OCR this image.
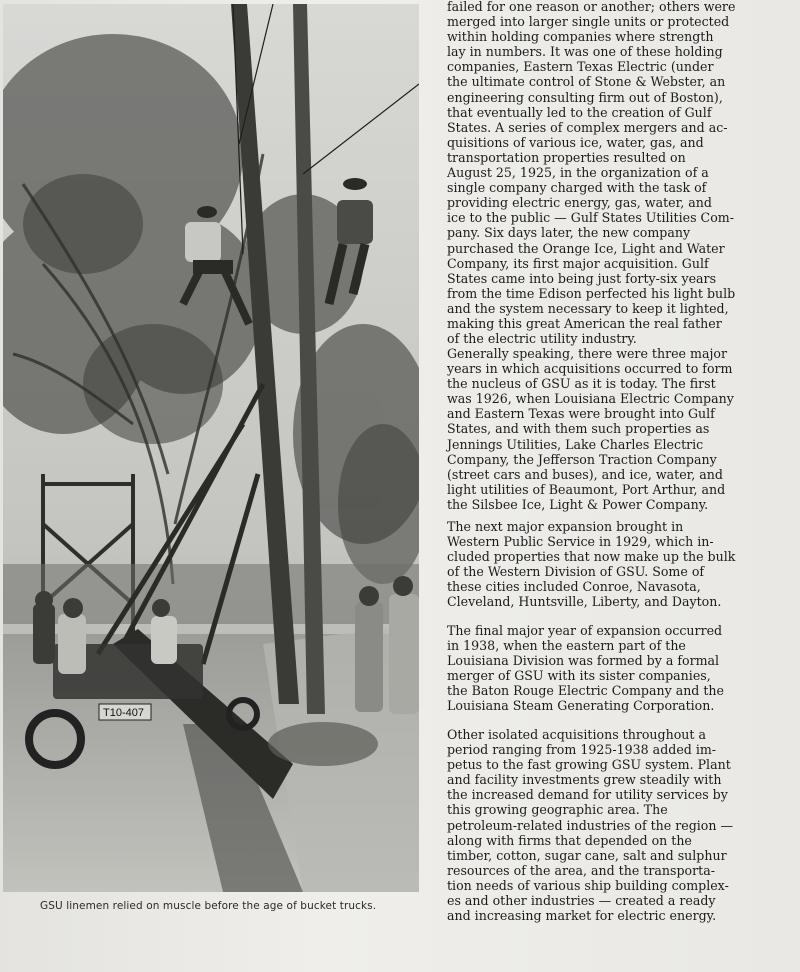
T10-407
GSU linemen relied on muscle before the age of bucket trucks.
failed for one reason or another; others were
merged into larger single units or protected
within holding companies where strength
lay in numbers. It was one of these holding
companies, Eastern Texas Electric (under
the ultimate control of Stone & Webster, an
engineering consulting firm out of Boston),
that eventually led to the creation of Gulf
States. A series of complex mergers and ac-
quisitions of various ice, water, gas, and
transportation properties resulted on
August 25, 1925, in the organization of a
single company charged with the task of
providing electric energy, gas, water, and
ice to the public — Gulf States Utilities Com-
pany. Six days later, the new company
purchased the Orange Ice, Light and Water
Company, its first major acquisition. Gulf
States came into being just forty-six years
from the time Edison perfected his light bulb
and the system necessary to keep it lighted,
making this great American the real father
of the electric utility industry.
Generally speaking, there were three major
years in which acquisitions occurred to form
the nucleus of GSU as it is today. The first
was 1926, when Louisiana Electric Company
and Eastern Texas were brought into Gulf
States, and with them such properties as
Jennings Utilities, Lake Charles Electric
Company, the Jefferson Traction Company
(street cars and buses), and ice, water, and
light utilities of Beaumont, Port Arthur, and
the Silsbee Ice, Light & Power Company.
The next major expansion brought in
Western Public Service in 1929, which in-
cluded properties that now make up the bulk
of the Western Division of GSU. Some of
these cities included Conroe, Navasota,
Cleveland, Huntsville, Liberty, and Dayton.
The final major year of expansion occurred
in 1938, when the eastern part of the
Louisiana Division was formed by a formal
merger of GSU with its sister companies,
the Baton Rouge Electric Company and the
Louisiana Steam Generating Corporation.
Other isolated acquisitions throughout a
period ranging from 1925-1938 added im-
petus to the fast growing GSU system. Plant
and facility investments grew steadily with
the increased demand for utility services by
this growing geographic area. The
petroleum-related industries of the region —
along with firms that depended on the
timber, cotton, sugar cane, salt and sulphur
resources of the area, and the transporta-
tion needs of various ship building complex-
es and other industries — created a ready
and increasing market for electric energy.
